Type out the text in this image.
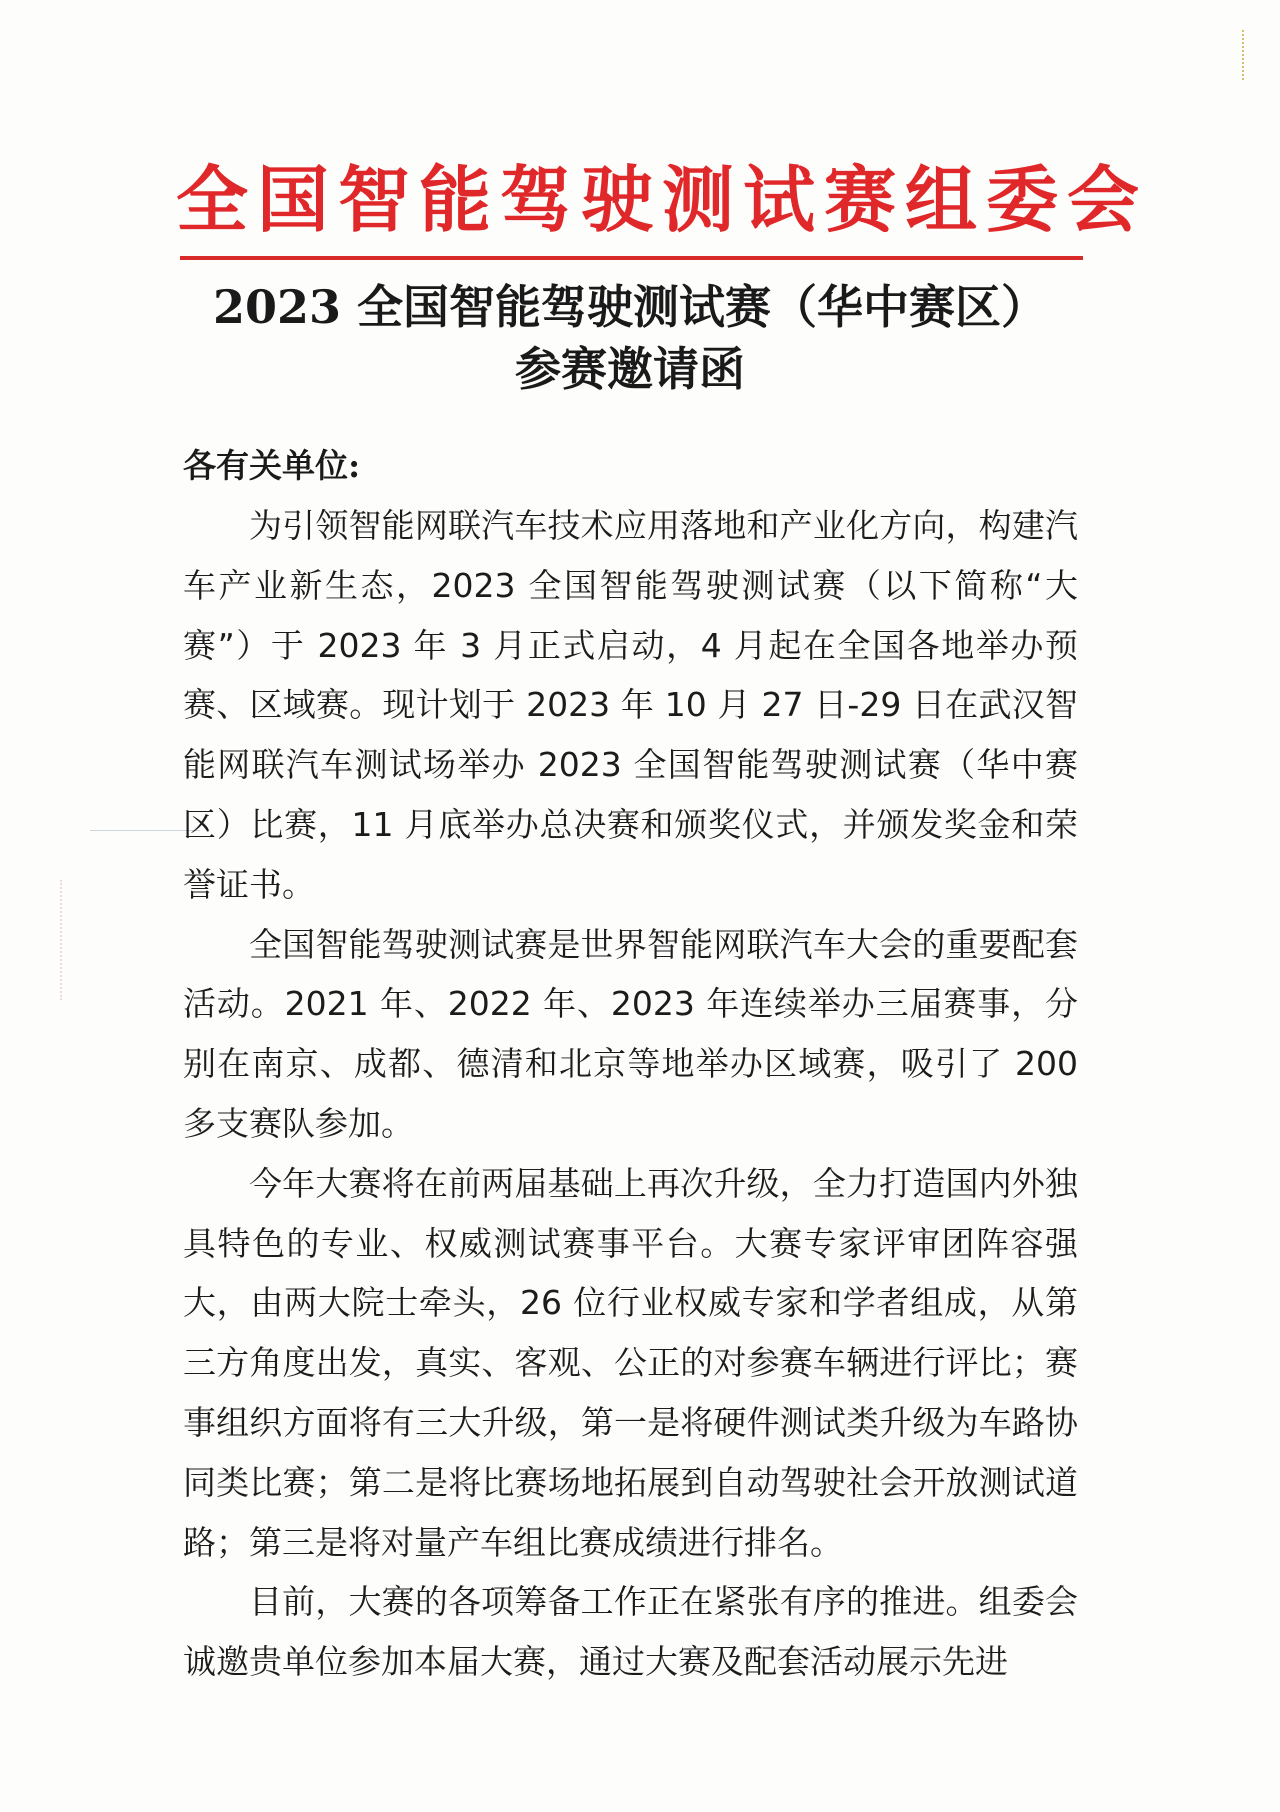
全国智能驾驶测试赛组委会
2023 全国智能驾驶测试赛（华中赛区）
参赛邀请函
各有关单位:

为引领智能网联汽车技术应用落地和产业化方向，构建汽车产业新生态，2023 全国智能驾驶测试赛（以下简称“大赛”）于 2023 年 3 月正式启动，4 月起在全国各地举办预赛、区域赛。现计划于 2023 年 10 月 27 日-29 日在武汉智能网联汽车测试场举办 2023 全国智能驾驶测试赛（华中赛区）比赛，11 月底举办总决赛和颁奖仪式，并颁发奖金和荣誉证书。

全国智能驾驶测试赛是世界智能网联汽车大会的重要配套活动。2021 年、2022 年、2023 年连续举办三届赛事，分别在南京、成都、德清和北京等地举办区域赛，吸引了 200 多支赛队参加。

今年大赛将在前两届基础上再次升级，全力打造国内外独具特色的专业、权威测试赛事平台。大赛专家评审团阵容强大，由两大院士牵头，26 位行业权威专家和学者组成，从第三方角度出发，真实、客观、公正的对参赛车辆进行评比；赛事组织方面将有三大升级，第一是将硬件测试类升级为车路协同类比赛；第二是将比赛场地拓展到自动驾驶社会开放测试道路；第三是将对量产车组比赛成绩进行排名。

目前，大赛的各项筹备工作正在紧张有序的推进。组委会诚邀贵单位参加本届大赛，通过大赛及配套活动展示先进
